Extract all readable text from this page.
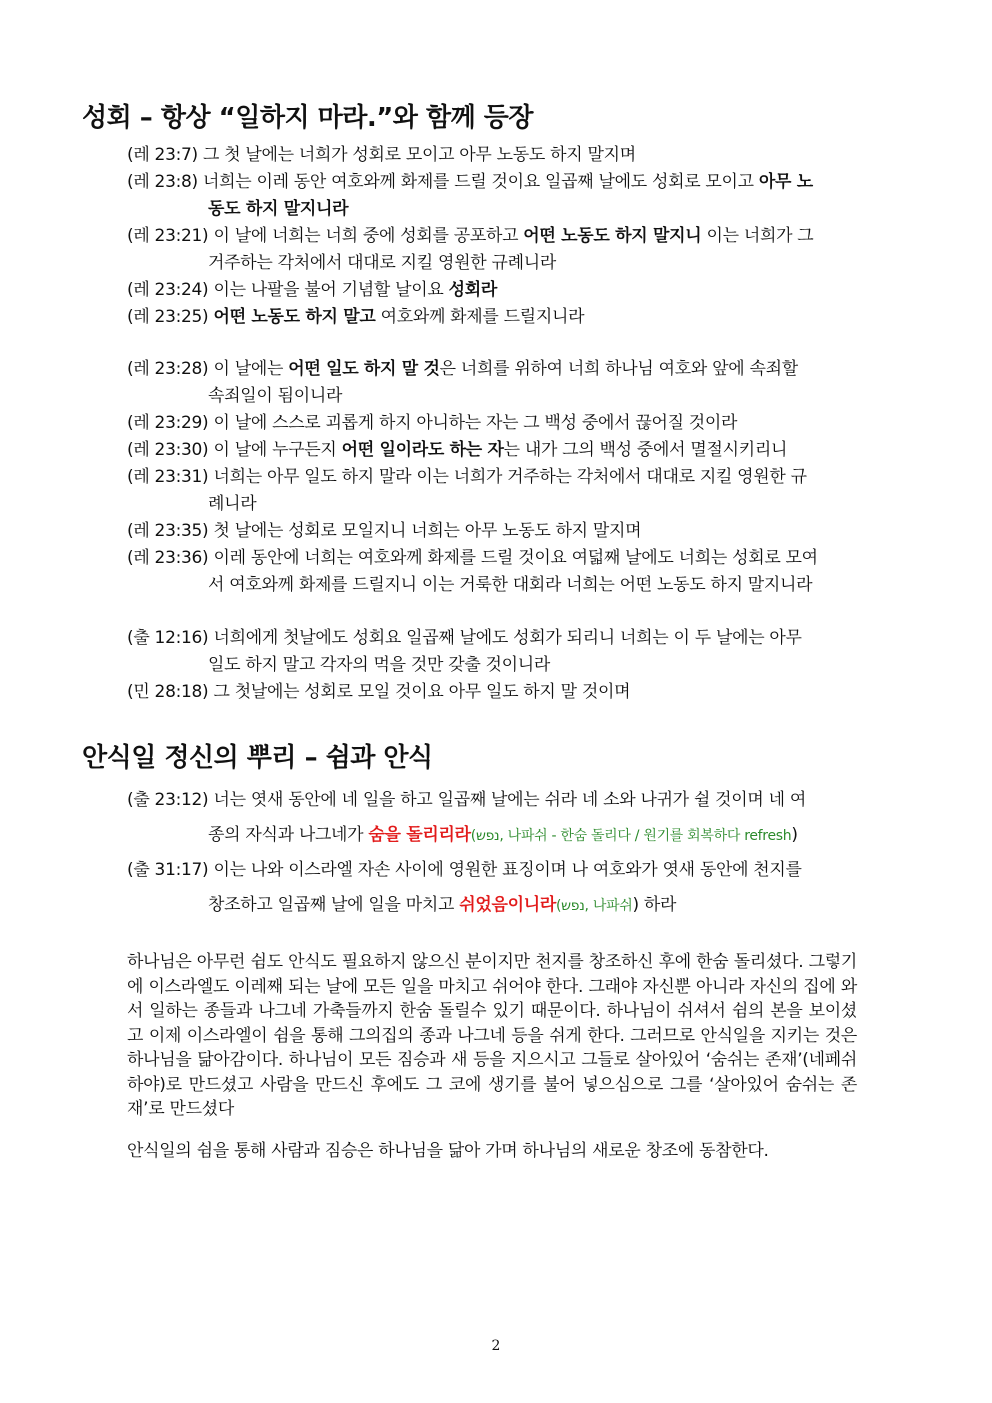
성회 – 항상 “일하지 마라.”와 함께 등장
(레 23:7) 그 첫 날에는 너희가 성회로 모이고 아무 노동도 하지 말지며
(레 23:8) 너희는 이레 동안 여호와께 화제를 드릴 것이요 일곱째 날에도 성회로 모이고 아무 노
동도 하지 말지니라
(레 23:21) 이 날에 너희는 너희 중에 성회를 공포하고 어떤 노동도 하지 말지니 이는 너희가 그
거주하는 각처에서 대대로 지킬 영원한 규례니라
(레 23:24) 이는 나팔을 불어 기념할 날이요 성회라
(레 23:25) 어떤 노동도 하지 말고 여호와께 화제를 드릴지니라
(레 23:28) 이 날에는 어떤 일도 하지 말 것은 너희를 위하여 너희 하나님 여호와 앞에 속죄할
속죄일이 됨이니라
(레 23:29) 이 날에 스스로 괴롭게 하지 아니하는 자는 그 백성 중에서 끊어질 것이라
(레 23:30) 이 날에 누구든지 어떤 일이라도 하는 자는 내가 그의 백성 중에서 멸절시키리니
(레 23:31) 너희는 아무 일도 하지 말라 이는 너희가 거주하는 각처에서 대대로 지킬 영원한 규
례니라
(레 23:35) 첫 날에는 성회로 모일지니 너희는 아무 노동도 하지 말지며
(레 23:36) 이레 동안에 너희는 여호와께 화제를 드릴 것이요 여덟째 날에도 너희는 성회로 모여
서 여호와께 화제를 드릴지니 이는 거룩한 대회라 너희는 어떤 노동도 하지 말지니라
(출 12:16) 너희에게 첫날에도 성회요 일곱째 날에도 성회가 되리니 너희는 이 두 날에는 아무
일도 하지 말고 각자의 먹을 것만 갖출 것이니라
(민 28:18) 그 첫날에는 성회로 모일 것이요 아무 일도 하지 말 것이며
안식일 정신의 뿌리 – 쉼과 안식
(출 23:12) 너는 엿새 동안에 네 일을 하고 일곱째 날에는 쉬라 네 소와 나귀가 쉴 것이며 네 여
종의 자식과 나그네가 숨을 돌리리라(נפש, 나파쉬 - 한숨 돌리다 / 원기를 회복하다 refresh)
(출 31:17) 이는 나와 이스라엘 자손 사이에 영원한 표징이며 나 여호와가 엿새 동안에 천지를
창조하고 일곱째 날에 일을 마치고 쉬었음이니라(נפש, 나파쉬) 하라
하나님은 아무런 쉼도 안식도 필요하지 않으신 분이지만 천지를 창조하신 후에 한숨 돌리셨다. 그렇기에 이스라엘도 이레째 되는 날에 모든 일을 마치고 쉬어야 한다. 그래야 자신뿐 아니라 자신의 집에 와서 일하는 종들과 나그네 가축들까지 한숨 돌릴수 있기 때문이다. 하나님이 쉬셔서 쉼의 본을 보이셨고 이제 이스라엘이 쉼을 통해 그의집의 종과 나그네 등을 쉬게 한다. 그러므로 안식일을 지키는 것은 하나님을 닮아감이다. 하나님이 모든 짐승과 새 등을 지으시고 그들로 살아있어 ‘숨쉬는 존재’(네페쉬 하야)로 만드셨고 사람을 만드신 후에도 그 코에 생기를 불어 넣으심으로 그를 ‘살아있어 숨쉬는 존재’로 만드셨다
안식일의 쉼을 통해 사람과 짐승은 하나님을 닮아 가며 하나님의 새로운 창조에 동참한다.
2
